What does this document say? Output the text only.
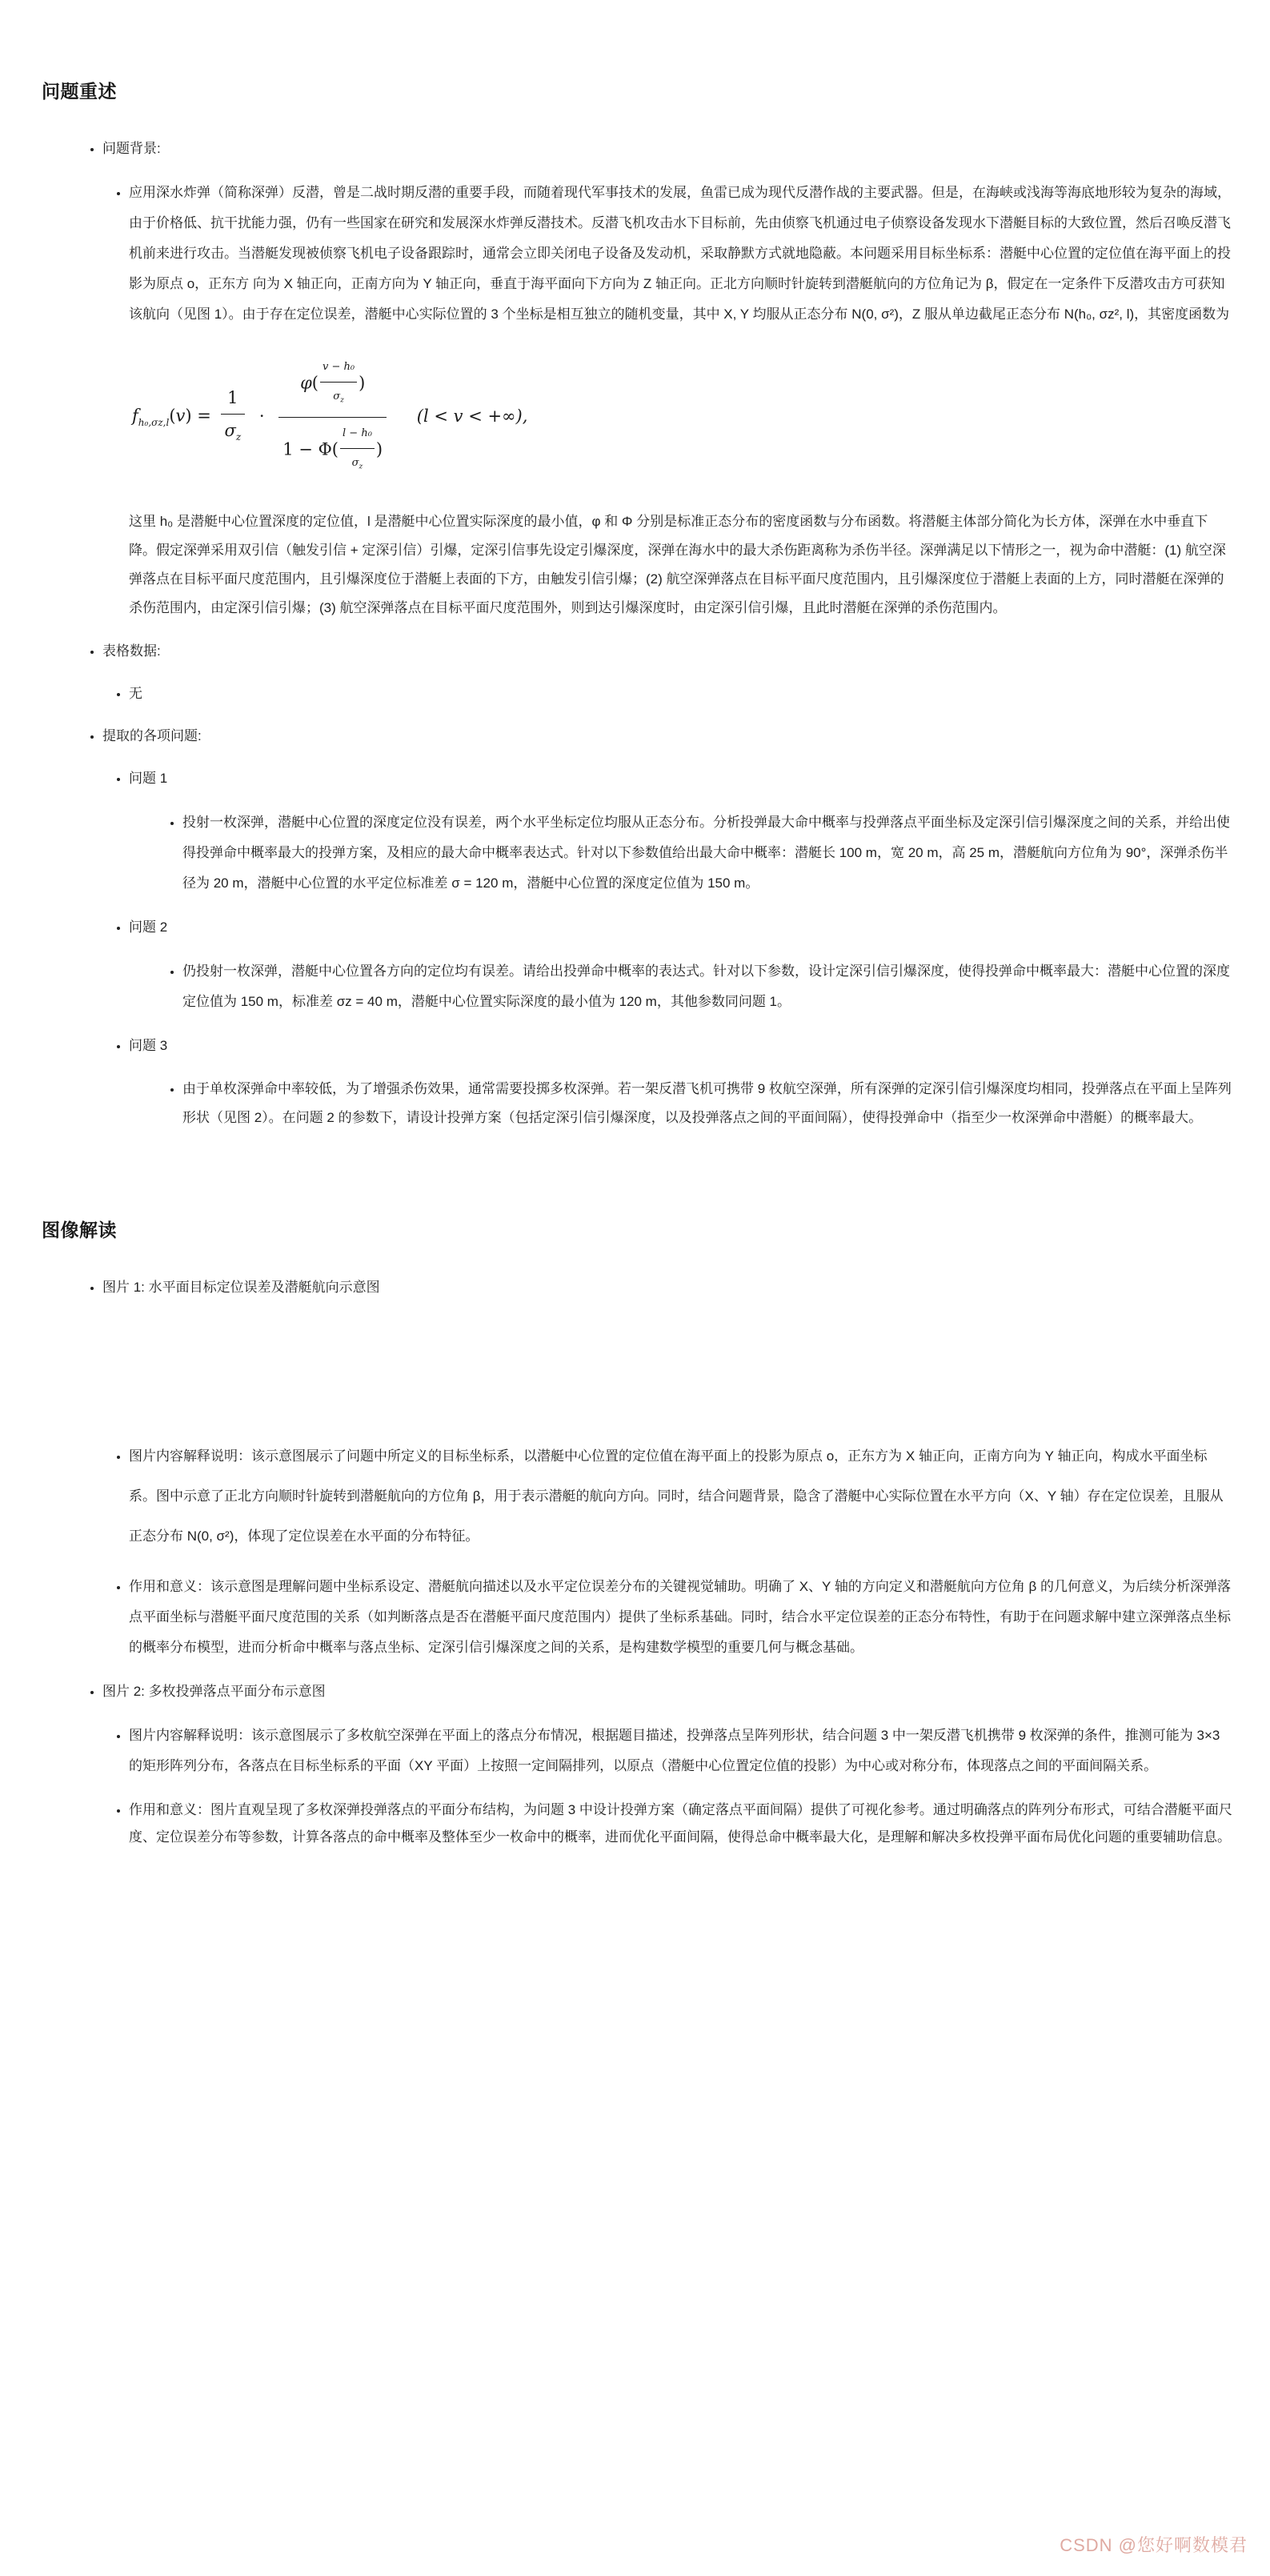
问题重述
• 问题背景:

• 应用深水炸弹（简称深弹）反潜，曾是二战时期反潜的重要手段，而随着现代军事技术的发展，鱼雷已成为现代反潜作战的主要武器。但是，在海峡或浅海等海底地形较为复杂的海域，由于价格低、抗干扰能力强，仍有一些国家在研究和发展深水炸弹反潜技术。反潜飞机攻击水下目标前，先由侦察飞机通过电子侦察设备发现水下潜艇目标的大致位置，然后召唤反潜飞机前来进行攻击。当潜艇发现被侦察飞机电子设备跟踪时，通常会立即关闭电子设备及发动机，采取静默方式就地隐蔽。本问题采用目标坐标系：潜艇中心位置的定位值在海平面上的投影为原点 o，正东方 向为 X 轴正向，正南方向为 Y 轴正向，垂直于海平面向下方向为 Z 轴正向。正北方向顺时针旋转到潜艇航向的方位角记为 β，假定在一定条件下反潜攻击方可获知该航向（见图 1）。由于存在定位误差，潜艇中心实际位置的 3 个坐标是相互独立的随机变量，其中 X, Y 均服从正态分布 N(0, σ²)，Z 服从单边截尾正态分布 N(h₀, σz², l)，其密度函数为

$f_{h_0,\sigma z,l}(v) = \frac{1}{\sigma_z} \cdot \frac{\varphi( \frac{\text{v − h₀}}{\sigma_z} )}{1 - \Phi( \frac{\text{l − h₀}}{\sigma_z} )} (l < v$ < +∞),

这里 h₀ 是潜艇中心位置深度的定位值，l 是潜艇中心位置实际深度的最小值，φ 和 Φ 分别是标准正态分布的密度函数与分布函数。将潜艇主体部分简化为长方体，深弹在水中垂直下降。假定深弹采用双引信（触发引信 + 定深引信）引爆，定深引信事先设定引爆深度，深弹在海水中的最大杀伤距离称为杀伤半径。深弹满足以下情形之一，视为命中潜艇：(1) 航空深弹落点在目标平面尺度范围内，且引爆深度位于潜艇上表面的下方，由触发引信引爆；(2) 航空深弹落点在目标平面尺度范围内，且引爆深度位于潜艇上表面的上方，同时潜艇在深弹的杀伤范围内，由定深引信引爆；(3) 航空深弹落点在目标平面尺度范围外，则到达引爆深度时，由定深引信引爆，且此时潜艇在深弹的杀伤范围内。

• 表格数据:
• 无
• 提取的各项问题:
• 问题 1

• 投射一枚深弹，潜艇中心位置的深度定位没有误差，两个水平坐标定位均服从正态分布。分析投弹最大命中概率与投弹落点平面坐标及定深引信引爆深度之间的关系，并给出使得投弹命中概率最大的投弹方案，及相应的最大命中概率表达式。针对以下参数值给出最大命中概率：潜艇长 100 m，宽 20 m，高 25 m，潜艇航向方位角为 90°，深弹杀伤半径为 20 m，潜艇中心位置的水平定位标准差 σ = 120 m，潜艇中心位置的深度定位值为 150 m。

• 问题 2

• 仍投射一枚深弹，潜艇中心位置各方向的定位均有误差。请给出投弹命中概率的表达式。针对以下参数，设计定深引信引爆深度，使得投弹命中概率最大：潜艇中心位置的深度定位值为 150 m，标准差 σz = 40 m，潜艇中心位置实际深度的最小值为 120 m，其他参数同问题 1。

• 问题 3

• 由于单枚深弹命中率较低，为了增强杀伤效果，通常需要投掷多枚深弹。若一架反潜飞机可携带 9 枚航空深弹，所有深弹的定深引信引爆深度均相同，投弹落点在平面上呈阵列形状（见图 2）。在问题 2 的参数下，请设计投弹方案（包括定深引信引爆深度，以及投弹落点之间的平面间隔），使得投弹命中（指至少一枚深弹命中潜艇）的概率最大。

图像解读
• 图片 1: 水平面目标定位误差及潜艇航向示意图

• 图片内容解释说明：该示意图展示了问题中所定义的目标坐标系，以潜艇中心位置的定位值在海平面上的投影为原点 o，正东方为 X 轴正向，正南方向为 Y 轴正向，构成水平面坐标系。图中示意了正北方向顺时针旋转到潜艇航向的方位角 β，用于表示潜艇的航向方向。同时，结合问题背景，隐含了潜艇中心实际位置在水平方向（X、Y 轴）存在定位误差，且服从正态分布 N(0, σ²)，体现了定位误差在水平面的分布特征。

• 作用和意义：该示意图是理解问题中坐标系设定、潜艇航向描述以及水平定位误差分布的关键视觉辅助。明确了 X、Y 轴的方向定义和潜艇航向方位角 β 的几何意义，为后续分析深弹落点平面坐标与潜艇平面尺度范围的关系（如判断落点是否在潜艇平面尺度范围内）提供了坐标系基础。同时，结合水平定位误差的正态分布特性，有助于在问题求解中建立深弹落点坐标的概率分布模型，进而分析命中概率与落点坐标、定深引信引爆深度之间的关系，是构建数学模型的重要几何与概念基础。

• 图片 2: 多枚投弹落点平面分布示意图

• 图片内容解释说明：该示意图展示了多枚航空深弹在平面上的落点分布情况，根据题目描述，投弹落点呈阵列形状，结合问题 3 中一架反潜飞机携带 9 枚深弹的条件，推测可能为 3×3 的矩形阵列分布，各落点在目标坐标系的平面（XY 平面）上按照一定间隔排列，以原点（潜艇中心位置定位值的投影）为中心或对称分布，体现落点之间的平面间隔关系。

• 作用和意义：图片直观呈现了多枚深弹投弹落点的平面分布结构，为问题 3 中设计投弹方案（确定落点平面间隔）提供了可视化参考。通过明确落点的阵列分布形式，可结合潜艇平面尺度、定位误差分布等参数，计算各落点的命中概率及整体至少一枚命中的概率，进而优化平面间隔，使得总命中概率最大化，是理解和解决多枚投弹平面布局优化问题的重要辅助信息。

CSDN @您好啊数模君
